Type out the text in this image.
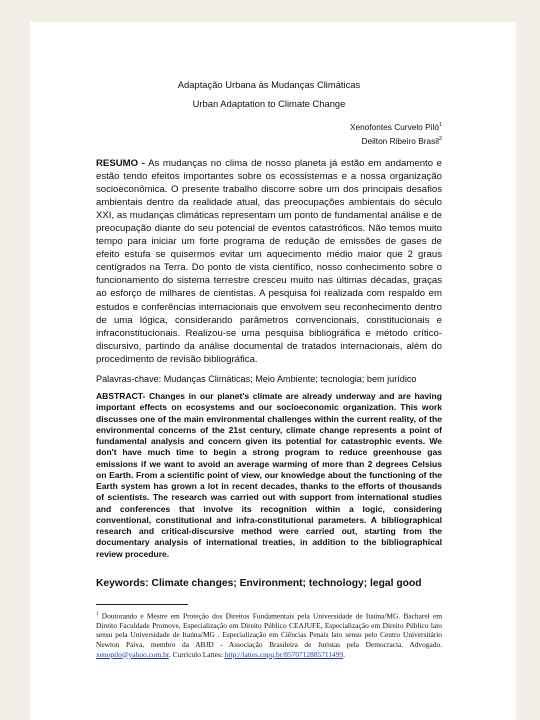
Adaptação Urbana às Mudanças Climáticas

Urban Adaptation to Climate Change

Xenofontes Curvelo Piló$^1$
Deilton Ribeiro Brasil$^2$
RESUMO - As mudanças no clima de nosso planeta já estão em andamento e estão tendo efeitos importantes sobre os ecossistemas e a nossa organização socioeconômica. O presente trabalho discorre sobre um dos principais desafios ambientais dentro da realidade atual, das preocupações ambientais do século XXI, as mudanças climáticas representam um ponto de fundamental análise e de preocupação diante do seu potencial de eventos catastróficos. Não temos muito tempo para iniciar um forte programa de redução de emissões de gases de efeito estufa se quisermos evitar um aquecimento médio maior que 2 graus centígrados na Terra. Do ponto de vista científico, nosso conhecimento sobre o funcionamento do sistema terrestre cresceu muito nas últimas décadas, graças ao esforço de milhares de cientistas. A pesquisa foi realizada com respaldo em estudos e conferências internacionais que envolvem seu reconhecimento dentro de uma lógica, considerando parâmetros convencionais, constitucionais e infraconstitucionais. Realizou-se uma pesquisa bibliográfica e método crítico-discursivo, partindo da análise documental de tratados internacionais, além do procedimento de revisão bibliográfica.
Palavras-chave: Mudanças Climáticas; Meio Ambiente; tecnologia; bem jurídico
ABSTRACT- Changes in our planet's climate are already underway and are having important effects on ecosystems and our socioeconomic organization. This work discusses one of the main environmental challenges within the current reality, of the environmental concerns of the 21st century, climate change represents a point of fundamental analysis and concern given its potential for catastrophic events. We don't have much time to begin a strong program to reduce greenhouse gas emissions if we want to avoid an average warming of more than 2 degrees Celsius on Earth. From a scientific point of view, our knowledge about the functioning of the Earth system has grown a lot in recent decades, thanks to the efforts of thousands of scientists. The research was carried out with support from international studies and conferences that involve its recognition within a logic, considering conventional, constitutional and infra-constitutional parameters. A bibliographical research and critical-discursive method were carried out, starting from the documentary analysis of international treaties, in addition to the bibliographical review procedure.
Keywords: Climate changes; Environment; technology; legal good
$^1$ Doutorando e Mestre em Proteção dos Direitos Fundamentais pela Universidade de Itaúna/MG. Bacharel em Direito Faculdade Promove, Especialização em Direito Público CEAJUFE, Especialização em Direito Público lato sensu pela Universidade de Itaúna/MG . Especialização em Ciências Penais lato sensu pelo Centro Universitário Newton Paiva, membro da ABJD - Associação Brasileira de Juristas pela Democracia. Advogado. xenopilo@yahoo.com.br. Currículo Lattes: http://lattes.cnpq.br/8570712885711499.
